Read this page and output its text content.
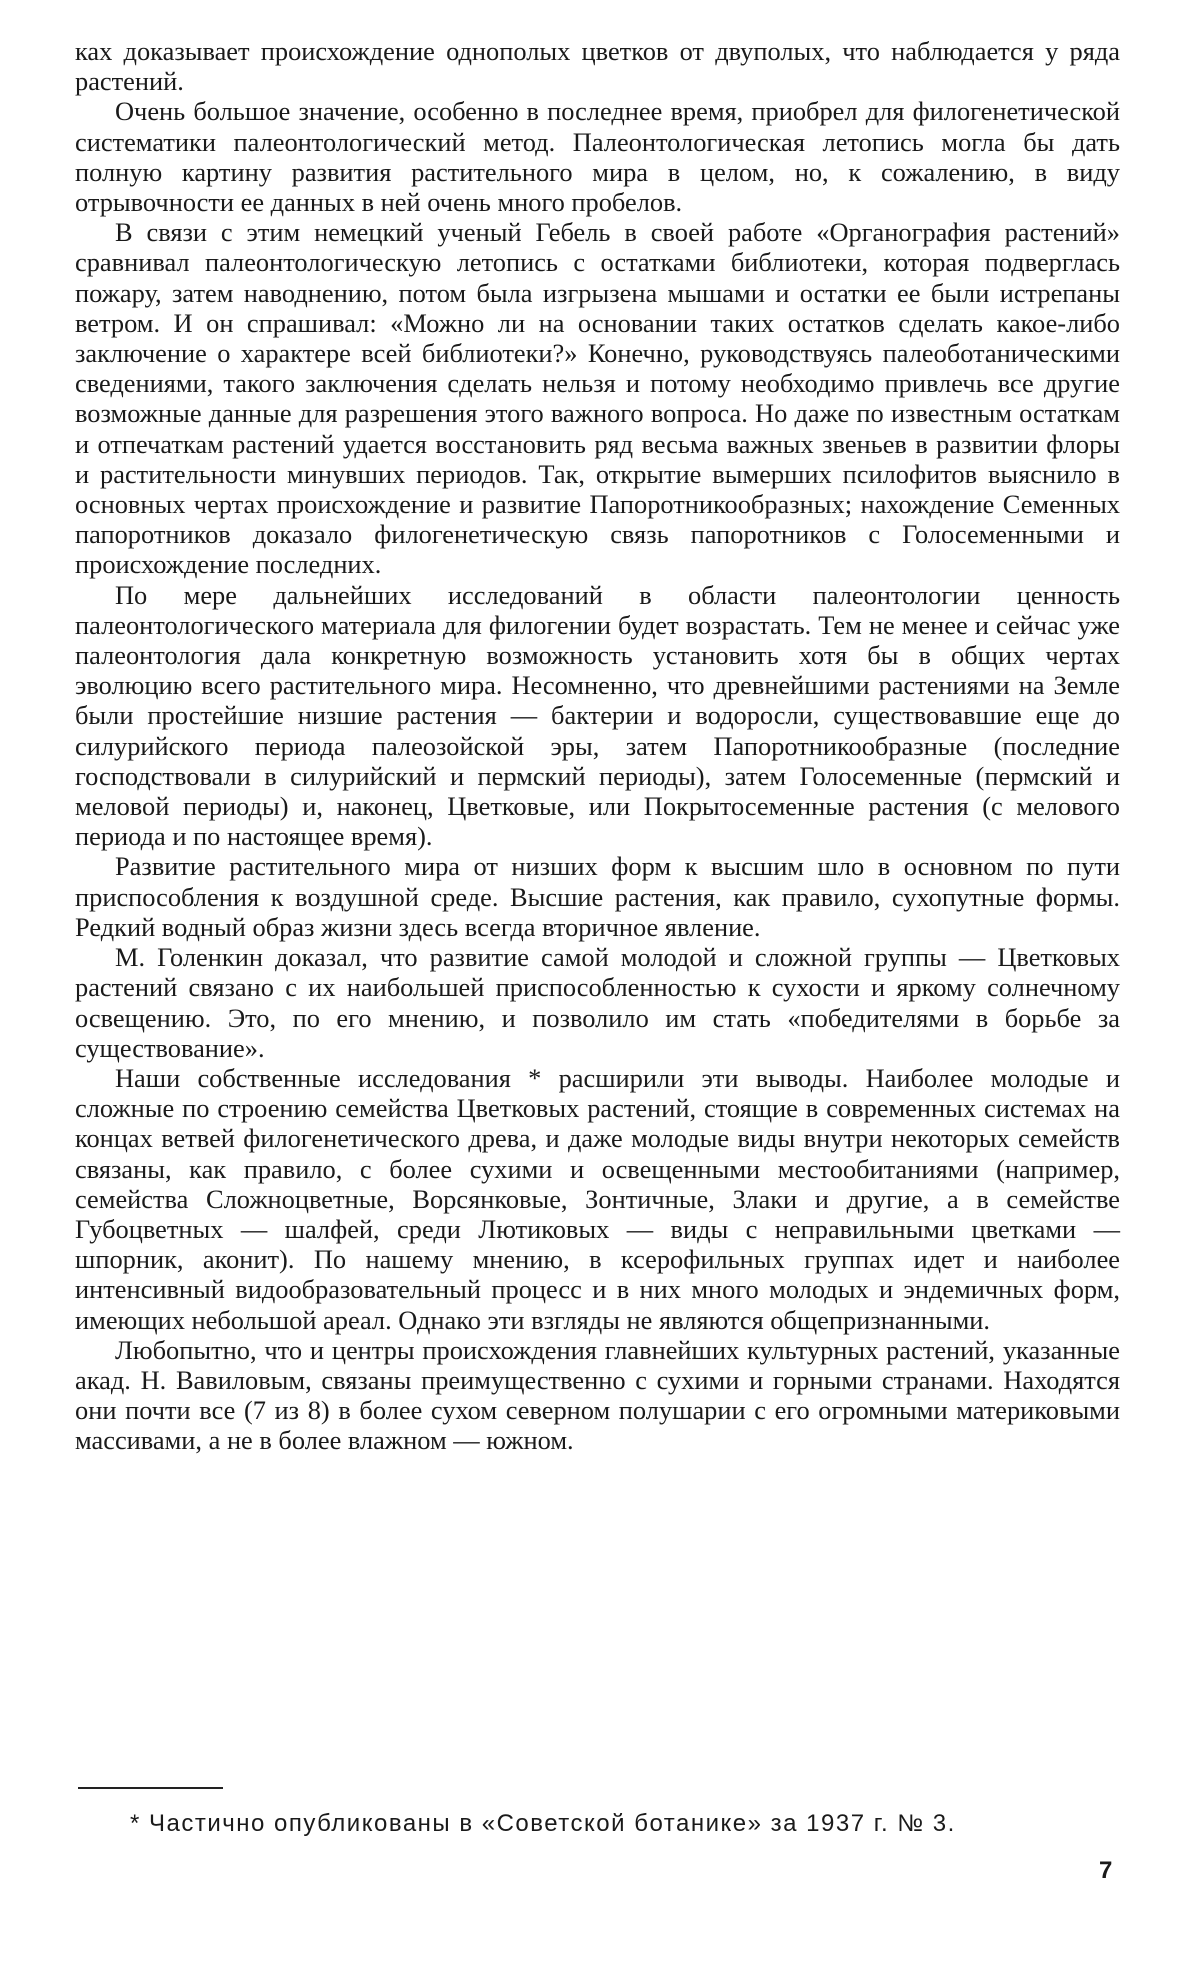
ках доказывает происхождение однополых цветков от двуполых, что наблюдается у ряда растений.

Очень большое значение, особенно в последнее время, приобрел для филогенетической систематики палеонтологический метод. Палеонтологическая летопись могла бы дать полную картину развития растительного мира в целом, но, к сожалению, в виду отрывочности ее данных в ней очень много пробелов.

В связи с этим немецкий ученый Гебель в своей работе «Органография растений» сравнивал палеонтологическую летопись с остатками библиотеки, которая подверглась пожару, затем наводнению, потом была изгрызена мышами и остатки ее были истрепаны ветром. И он спрашивал: «Можно ли на основании таких остатков сделать какое-либо заключение о характере всей библиотеки?» Конечно, руководствуясь палеоботаническими сведениями, такого заключения сделать нельзя и потому необходимо привлечь все другие возможные данные для разрешения этого важного вопроса. Но даже по известным остаткам и отпечаткам растений удается восстановить ряд весьма важных звеньев в развитии флоры и растительности минувших периодов. Так, открытие вымерших псилофитов выяснило в основных чертах происхождение и развитие Папоротникообразных; нахождение Семенных папоротников доказало филогенетическую связь папоротников с Голосеменными и происхождение последних.

По мере дальнейших исследований в области палеонтологии ценность палеонтологического материала для филогении будет возрастать. Тем не менее и сейчас уже палеонтология дала конкретную возможность установить хотя бы в общих чертах эволюцию всего растительного мира. Несомненно, что древнейшими растениями на Земле были простейшие низшие растения — бактерии и водоросли, существовавшие еще до силурийского периода палеозойской эры, затем Папоротникообразные (последние господствовали в силурийский и пермский периоды), затем Голосеменные (пермский и меловой периоды) и, наконец, Цветковые, или Покрытосеменные растения (с мелового периода и по настоящее время).

Развитие растительного мира от низших форм к высшим шло в основном по пути приспособления к воздушной среде. Высшие растения, как правило, сухопутные формы. Редкий водный образ жизни здесь всегда вторичное явление.

М. Голенкин доказал, что развитие самой молодой и сложной группы — Цветковых растений связано с их наибольшей приспособленностью к сухости и яркому солнечному освещению. Это, по его мнению, и позволило им стать «победителями в борьбе за существование».

Наши собственные исследования * расширили эти выводы. Наиболее молодые и сложные по строению семейства Цветковых растений, стоящие в современных системах на концах ветвей филогенетического древа, и даже молодые виды внутри некоторых семейств связаны, как правило, с более сухими и освещенными местообитаниями (например, семейства Сложноцветные, Ворсянковые, Зонтичные, Злаки и другие, а в семействе Губоцветных — шалфей, среди Лютиковых — виды с неправильными цветками — шпорник, аконит). По нашему мнению, в ксерофильных группах идет и наиболее интенсивный видообразовательный процесс и в них много молодых и эндемичных форм, имеющих небольшой ареал. Однако эти взгляды не являются общепризнанными.

Любопытно, что и центры происхождения главнейших культурных растений, указанные акад. Н. Вавиловым, связаны преимущественно с сухими и горными странами. Находятся они почти все (7 из 8) в более сухом северном полушарии с его огромными материковыми массивами, а не в более влажном — южном.

* Частично опубликованы в «Советской ботанике» за 1937 г. № 3.

7
